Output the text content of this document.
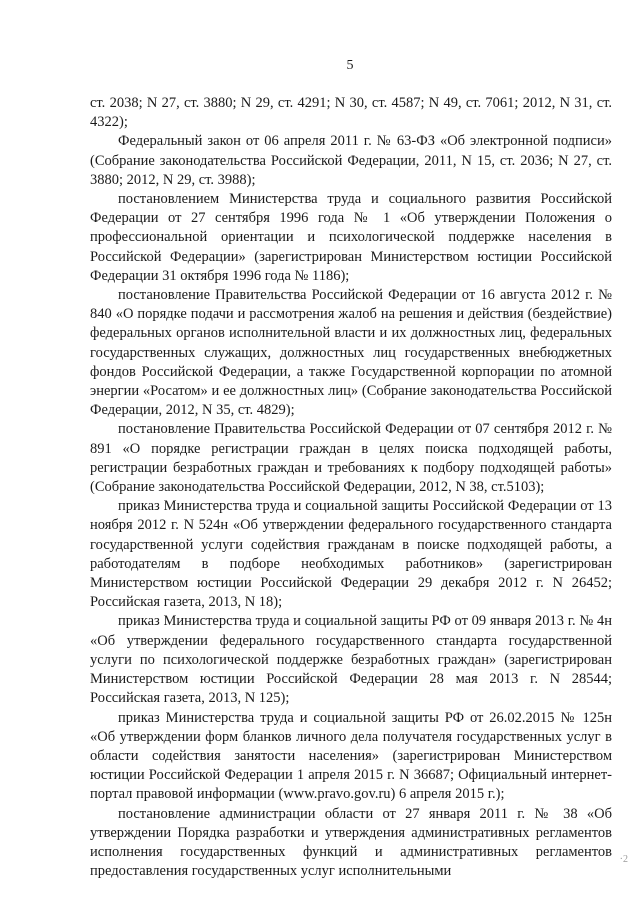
5

ст. 2038; N 27, ст. 3880; N 29, ст. 4291; N 30, ст. 4587; N 49, ст. 7061; 2012, N 31, ст. 4322);

Федеральный закон от 06 апреля 2011 г. № 63-ФЗ «Об электронной подписи» (Собрание законодательства Российской Федерации, 2011, N 15, ст. 2036; N 27, ст. 3880; 2012, N 29, ст. 3988);

постановлением Министерства труда и социального развития Российской Федерации от 27 сентября 1996 года № 1 «Об утверждении Положения о профессиональной ориентации и психологической поддержке населения в Российской Федерации» (зарегистрирован Министерством юстиции Российской Федерации 31 октября 1996 года № 1186);

постановление Правительства Российской Федерации от 16 августа 2012 г. № 840 «О порядке подачи и рассмотрения жалоб на решения и действия (бездействие) федеральных органов исполнительной власти и их должностных лиц, федеральных государственных служащих, должностных лиц государственных внебюджетных фондов Российской Федерации, а также Государственной корпорации по атомной энергии «Росатом» и ее должностных лиц» (Собрание законодательства Российской Федерации, 2012, N 35, ст. 4829);

постановление Правительства Российской Федерации от 07 сентября 2012 г. № 891 «О порядке регистрации граждан в целях поиска подходящей работы, регистрации безработных граждан и требованиях к подбору подходящей работы» (Собрание законодательства Российской Федерации, 2012, N 38, ст.5103);

приказ Министерства труда и социальной защиты Российской Федерации от 13 ноября 2012 г. N 524н «Об утверждении федерального государственного стандарта государственной услуги содействия гражданам в поиске подходящей работы, а работодателям в подборе необходимых работников» (зарегистрирован Министерством юстиции Российской Федерации 29 декабря 2012 г. N 26452; Российская газета, 2013, N 18);

приказ Министерства труда и социальной защиты РФ от 09 января 2013 г. № 4н «Об утверждении федерального государственного стандарта государственной услуги по психологической поддержке безработных граждан» (зарегистрирован Министерством юстиции Российской Федерации 28 мая 2013 г. N 28544; Российская газета, 2013, N 125);

приказ Министерства труда и социальной защиты РФ от 26.02.2015 № 125н «Об утверждении форм бланков личного дела получателя государственных услуг в области содействия занятости населения» (зарегистрирован Министерством юстиции Российской Федерации 1 апреля 2015 г. N 36687; Официальный интернет-портал правовой информации (www.pravo.gov.ru) 6 апреля 2015 г.);

постановление администрации области от 27 января 2011 г. № 38 «Об утверждении Порядка разработки и утверждения административных регламентов исполнения государственных функций и административных регламентов предоставления государственных услуг исполнительными

·2
